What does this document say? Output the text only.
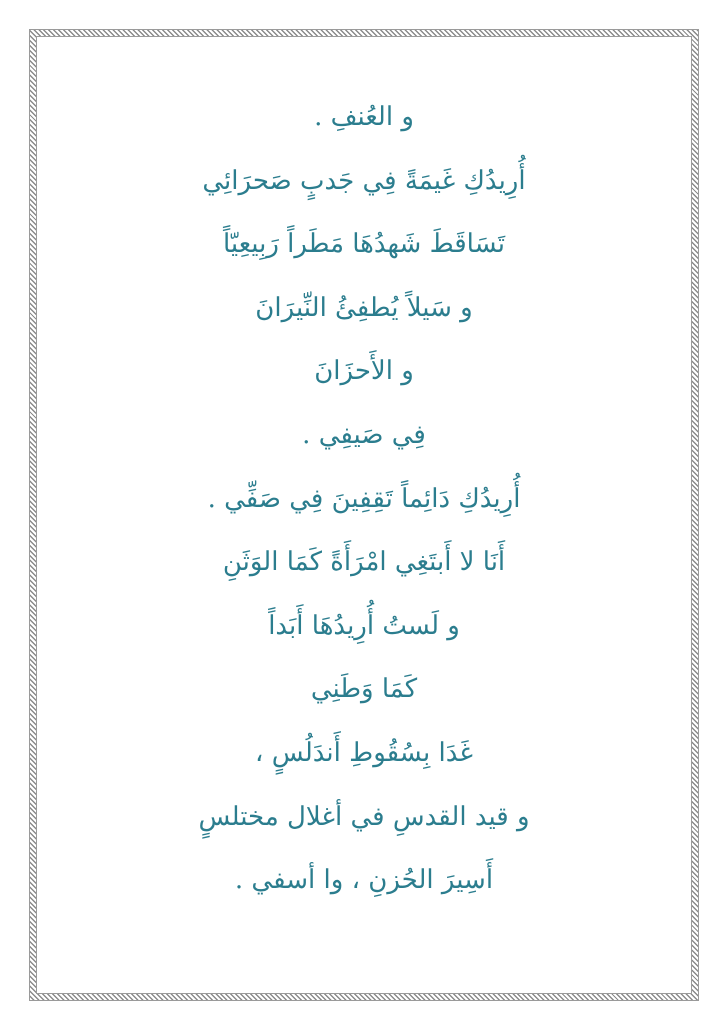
و العُنفِ .
أُرِيدُكِ غَيمَةً فِي جَدبٍ صَحرَائِي
تَسَاقَطَ شَهدُهَا مَطَراً رَبِيعِيّاً
و سَيلاً يُطفِئُ النِّيرَانَ
و الأَحزَانَ
فِي صَيفِي .
أُرِيدُكِ دَائِماً تَقِفِينَ فِي صَفِّي .
أَنَا لا أَبتَغِي امْرَأَةً كَمَا الوَثَنِ
و لَستُ أُرِيدُهَا أَبَداً
كَمَا وَطَنِي
غَدَا بِسُقُوطِ أَندَلُسٍ ،
و قيد القدسِ في أغلال مختلسٍ
أَسِيرَ الحُزنِ ، وا أسفي .
